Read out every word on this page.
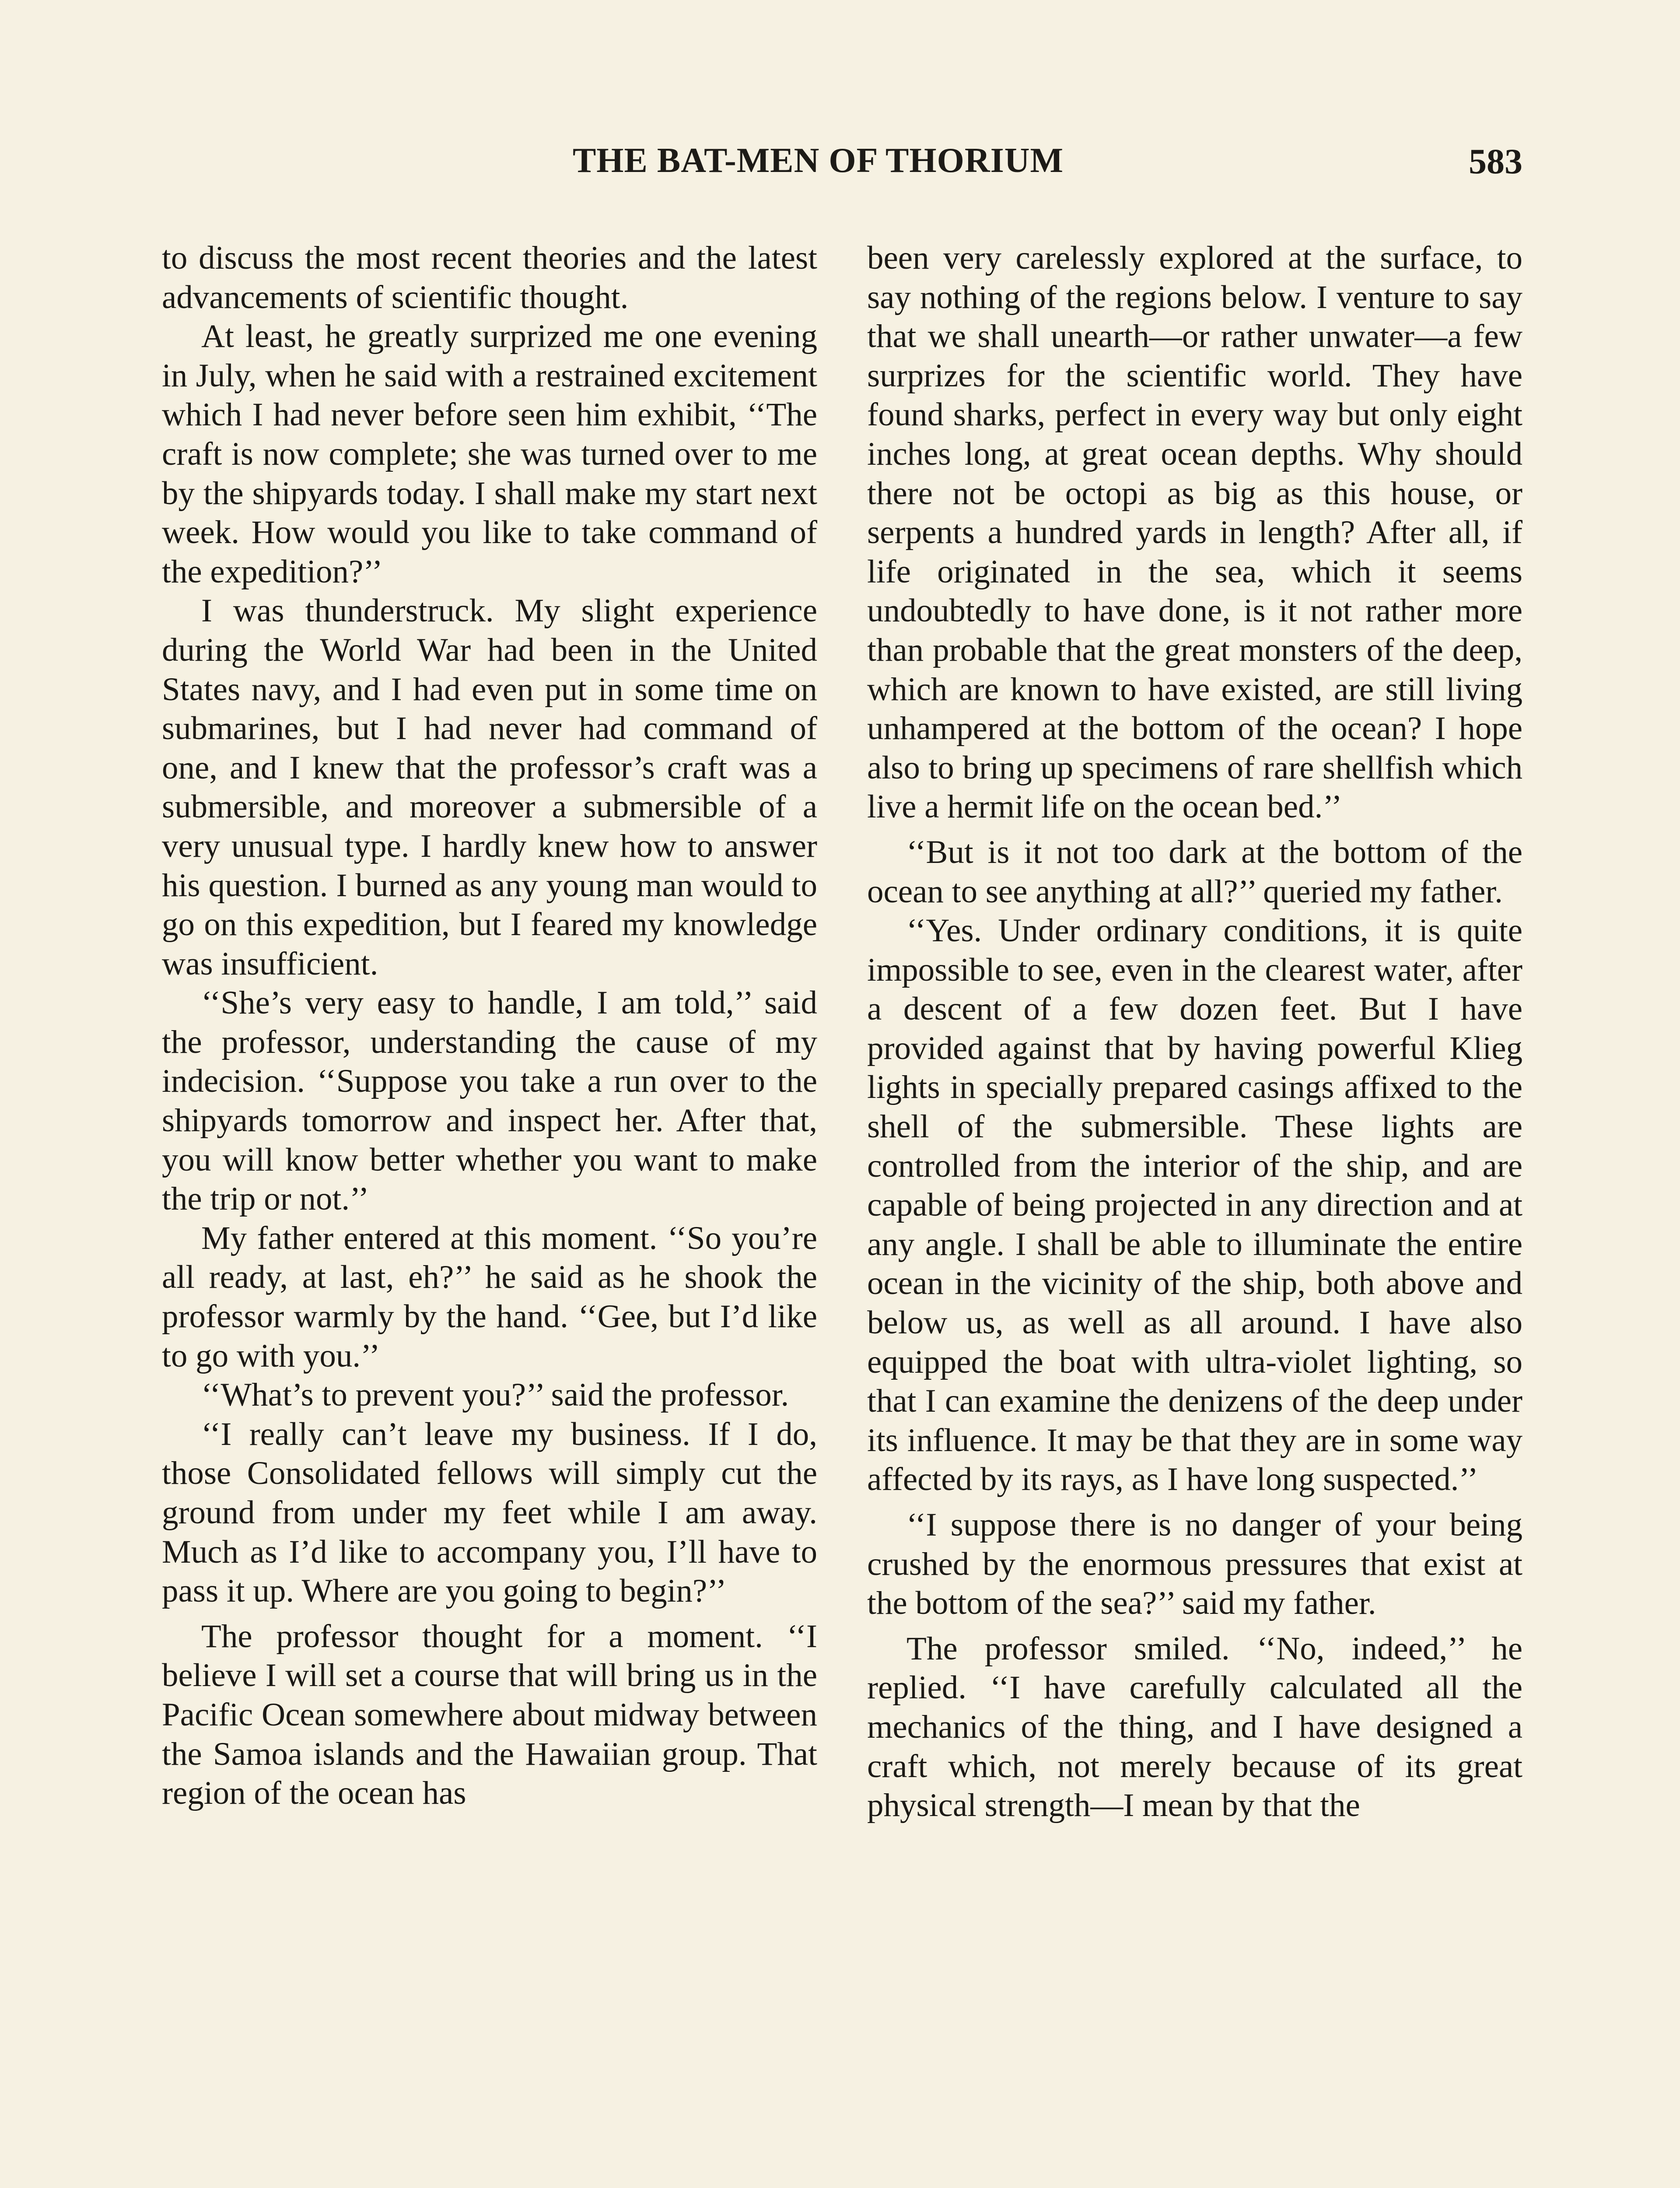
THE BAT-MEN OF THORIUM	583

to discuss the most recent theories and the latest advancements of scientific thought.

At least, he greatly surprized me one evening in July, when he said with a restrained excitement which I had never before seen him exhibit, ‘‘The craft is now complete; she was turned over to me by the shipyards today. I shall make my start next week. How would you like to take command of the expedition?’’

I was thunderstruck. My slight experience during the World War had been in the United States navy, and I had even put in some time on submarines, but I had never had command of one, and I knew that the professor’s craft was a submersible, and moreover a submersible of a very unusual type. I hardly knew how to answer his question. I burned as any young man would to go on this expedition, but I feared my knowledge was insufficient.

‘‘She’s very easy to handle, I am told,’’ said the professor, understanding the cause of my indecision. ‘‘Suppose you take a run over to the shipyards tomorrow and inspect her. After that, you will know better whether you want to make the trip or not.’’

My father entered at this moment. ‘‘So you’re all ready, at last, eh?’’ he said as he shook the professor warmly by the hand. ‘‘Gee, but I’d like to go with you.’’

‘‘What’s to prevent you?’’ said the professor.

‘‘I really can’t leave my business. If I do, those Consolidated fellows will simply cut the ground from under my feet while I am away. Much as I’d like to accompany you, I’ll have to pass it up. Where are you going to begin?’’

The professor thought for a moment. ‘‘I believe I will set a course that will bring us in the Pacific Ocean somewhere about midway between the Samoa islands and the Hawaiian group. That region of the ocean has

been very carelessly explored at the surface, to say nothing of the regions below. I venture to say that we shall unearth—or rather unwater—a few surprizes for the scientific world. They have found sharks, perfect in every way but only eight inches long, at great ocean depths. Why should there not be octopi as big as this house, or serpents a hundred yards in length? After all, if life originated in the sea, which it seems undoubtedly to have done, is it not rather more than probable that the great monsters of the deep, which are known to have existed, are still living unhampered at the bottom of the ocean? I hope also to bring up specimens of rare shellfish which live a hermit life on the ocean bed.’’

‘‘But is it not too dark at the bottom of the ocean to see anything at all?’’ queried my father.

‘‘Yes. Under ordinary conditions, it is quite impossible to see, even in the clearest water, after a descent of a few dozen feet. But I have provided against that by having powerful Klieg lights in specially prepared casings affixed to the shell of the submersible. These lights are controlled from the interior of the ship, and are capable of being projected in any direction and at any angle. I shall be able to illuminate the entire ocean in the vicinity of the ship, both above and below us, as well as all around. I have also equipped the boat with ultra-violet lighting, so that I can examine the denizens of the deep under its influence. It may be that they are in some way affected by its rays, as I have long suspected.’’

‘‘I suppose there is no danger of your being crushed by the enormous pressures that exist at the bottom of the sea?’’ said my father.

The professor smiled. ‘‘No, indeed,’’ he replied. ‘‘I have carefully calculated all the mechanics of the thing, and I have designed a craft which, not merely because of its great physical strength—I mean by that the
